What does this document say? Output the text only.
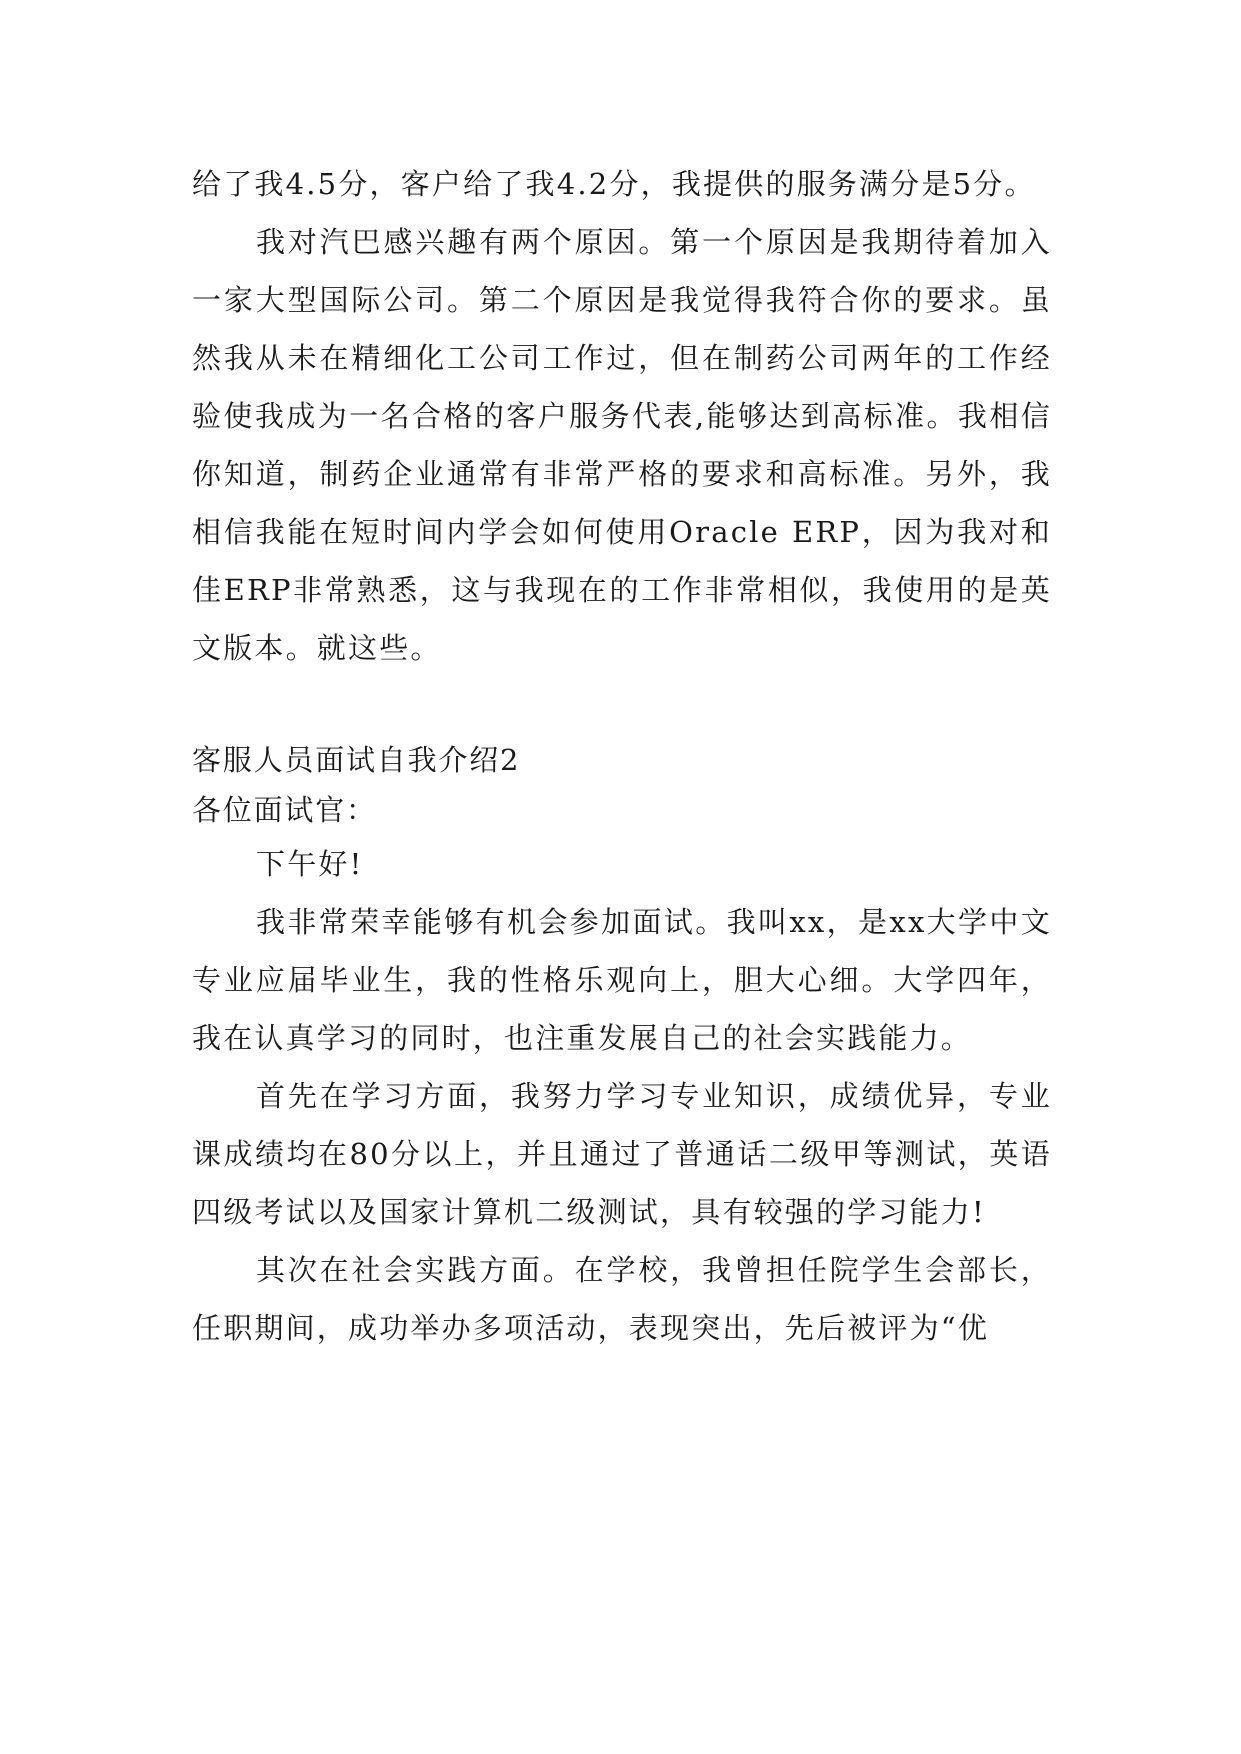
给了我4.5分，客户给了我4.2分，我提供的服务满分是5分。

我对汽巴感兴趣有两个原因。第一个原因是我期待着加入一家大型国际公司。第二个原因是我觉得我符合你的要求。虽然我从未在精细化工公司工作过，但在制药公司两年的工作经验使我成为一名合格的客户服务代表,能够达到高标准。我相信你知道，制药企业通常有非常严格的要求和高标准。另外，我相信我能在短时间内学会如何使用Oracle ERP，因为我对和佳ERP非常熟悉，这与我现在的工作非常相似，我使用的是英文版本。就这些。

客服人员面试自我介绍2

各位面试官：

下午好!

我非常荣幸能够有机会参加面试。我叫xx，是xx大学中文专业应届毕业生，我的性格乐观向上，胆大心细。大学四年，我在认真学习的同时，也注重发展自己的社会实践能力。

首先在学习方面，我努力学习专业知识，成绩优异，专业课成绩均在80分以上，并且通过了普通话二级甲等测试，英语四级考试以及国家计算机二级测试，具有较强的学习能力!

其次在社会实践方面。在学校，我曾担任院学生会部长，任职期间，成功举办多项活动，表现突出，先后被评为“优
